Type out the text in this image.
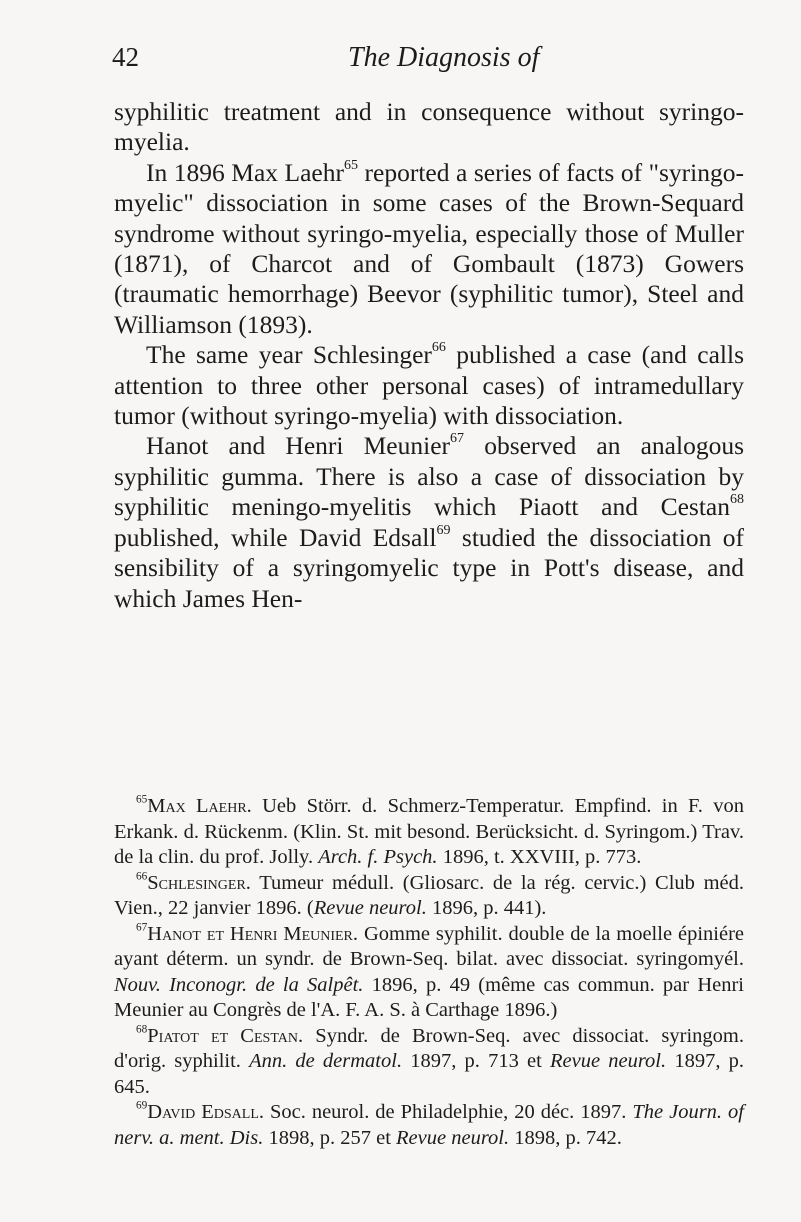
42	The Diagnosis of

syphilitic treatment and in consequence without syringo-myelia.

In 1896 Max Laehr$^{65}$ reported a series of facts of "syringo-myelic" dissociation in some cases of the Brown-Sequard syndrome without syringo-myelia, especially those of Muller (1871), of Charcot and of Gombault (1873) Gowers (traumatic hemorrhage) Beevor (syphilitic tumor), Steel and Williamson (1893).

The same year Schlesinger$^{66}$ published a case (and calls attention to three other personal cases) of intramedullary tumor (without syringo-myelia) with dissociation.

Hanot and Henri Meunier$^{67}$ observed an analogous syphilitic gumma. There is also a case of dissociation by syphilitic meningo-myelitis which Piaott and Cestan$^{68}$ published, while David Edsall$^{69}$ studied the dissociation of sensibility of a syringomyelic type in Pott's disease, and which James Hen-

$^{65}$Max Laehr. Ueb Störr. d. Schmerz-Temperatur. Empfind. in F. von Erkank. d. Rückenm. (Klin. St. mit besond. Berücksicht. d. Syringom.) Trav. de la clin. du prof. Jolly. Arch. f. Psych. 1896, t. XXVIII, p. 773.

$^{66}$Schlesinger. Tumeur médull. (Gliosarc. de la rég. cervic.) Club méd. Vien., 22 janvier 1896. (Revue neurol. 1896, p. 441).

$^{67}$Hanot et Henri Meunier. Gomme syphilit. double de la moelle épiniére ayant déterm. un syndr. de Brown-Seq. bilat. avec dissociat. syringomyél. Nouv. Inconogr. de la Salpêt. 1896, p. 49 (même cas commun. par Henri Meunier au Congrès de l'A. F. A. S. à Carthage 1896.)

$^{68}$Piatot et Cestan. Syndr. de Brown-Seq. avec dissociat. syringom. d'orig. syphilit. Ann. de dermatol. 1897, p. 713 et Revue neurol. 1897, p. 645.

$^{69}$David Edsall. Soc. neurol. de Philadelphie, 20 déc. 1897. The Journ. of nerv. a. ment. Dis. 1898, p. 257 et Revue neurol. 1898, p. 742.
